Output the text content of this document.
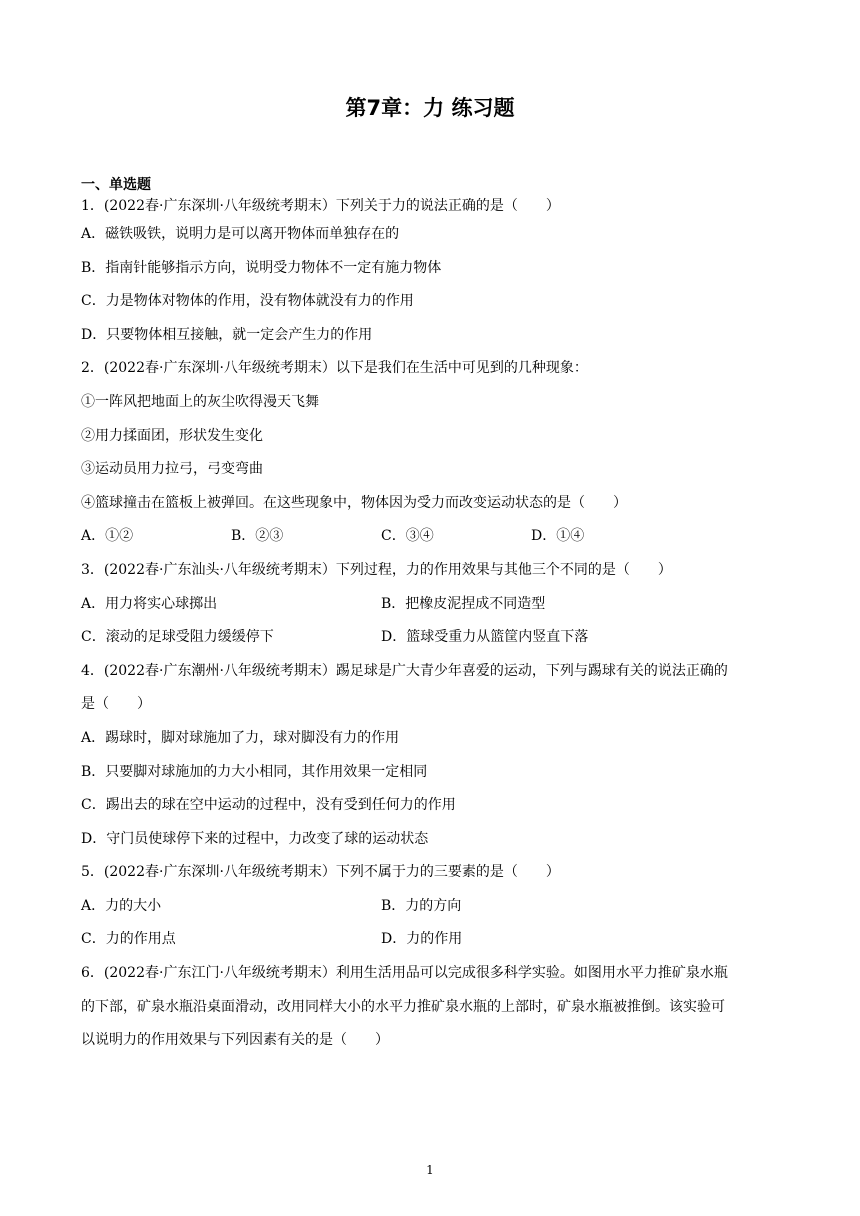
第7章：力 练习题
一、单选题
1．(2022春·广东深圳·八年级统考期末）下列关于力的说法正确的是（　　）
A．磁铁吸铁，说明力是可以离开物体而单独存在的
B．指南针能够指示方向，说明受力物体不一定有施力物体
C．力是物体对物体的作用，没有物体就没有力的作用
D．只要物体相互接触，就一定会产生力的作用
2．(2022春·广东深圳·八年级统考期末）以下是我们在生活中可见到的几种现象：
①一阵风把地面上的灰尘吹得漫天飞舞
②用力揉面团，形状发生变化
③运动员用力拉弓，弓变弯曲
④篮球撞击在篮板上被弹回。在这些现象中，物体因为受力而改变运动状态的是（　　）
A．①②	B．②③	C．③④	D．①④
3．(2022春·广东汕头·八年级统考期末）下列过程，力的作用效果与其他三个不同的是（　　）
A．用力将实心球掷出	B．把橡皮泥捏成不同造型
C．滚动的足球受阻力缓缓停下	D．篮球受重力从篮筐内竖直下落
4．(2022春·广东潮州·八年级统考期末）踢足球是广大青少年喜爱的运动，下列与踢球有关的说法正确的
是（　　）
A．踢球时，脚对球施加了力，球对脚没有力的作用
B．只要脚对球施加的力大小相同，其作用效果一定相同
C．踢出去的球在空中运动的过程中，没有受到任何力的作用
D．守门员使球停下来的过程中，力改变了球的运动状态
5．(2022春·广东深圳·八年级统考期末）下列不属于力的三要素的是（　　）
A．力的大小	B．力的方向
C．力的作用点	D．力的作用
6．(2022春·广东江门·八年级统考期末）利用生活用品可以完成很多科学实验。如图用水平力推矿泉水瓶
的下部，矿泉水瓶沿桌面滑动，改用同样大小的水平力推矿泉水瓶的上部时，矿泉水瓶被推倒。该实验可
以说明力的作用效果与下列因素有关的是（　　）
1
